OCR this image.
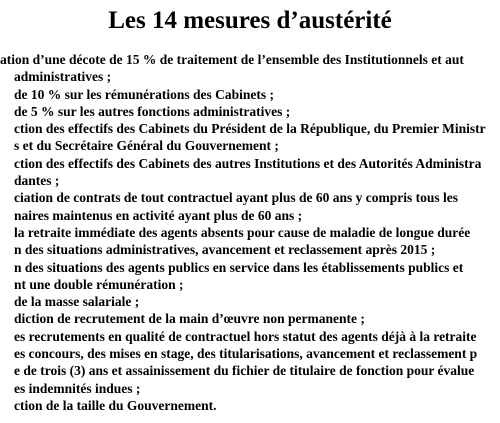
Les 14 mesures d’austérité
ation d’une décote de 15 % de traitement de l’ensemble des Institutionnels et aut
administratives ;
de 10 % sur les rémunérations des Cabinets ;
de 5 % sur les autres fonctions administratives ;
ction des effectifs des Cabinets du Président de la République, du Premier Ministr
s et du Secrétaire Général du Gouvernement ;
ction des effectifs des Cabinets des autres Institutions et des Autorités Administra
dantes ;
ciation de contrats de tout contractuel ayant plus de 60 ans y compris tous les
naires maintenus en activité ayant plus de 60 ans ;
la retraite immédiate des agents absents pour cause de maladie de longue durée
n des situations administratives, avancement et reclassement après 2015 ;
n des situations des agents publics en service dans les établissements publics et
nt une double rémunération ;
de la masse salariale ;
diction de recrutement de la main d’œuvre non permanente ;
es recrutements en qualité de contractuel hors statut des agents déjà à la retraite
es concours, des mises en stage, des titularisations, avancement et reclassement p
e de trois (3) ans et assainissement du fichier de titulaire de fonction pour évalue
es indemnités indues ;
ction de la taille du Gouvernement.
